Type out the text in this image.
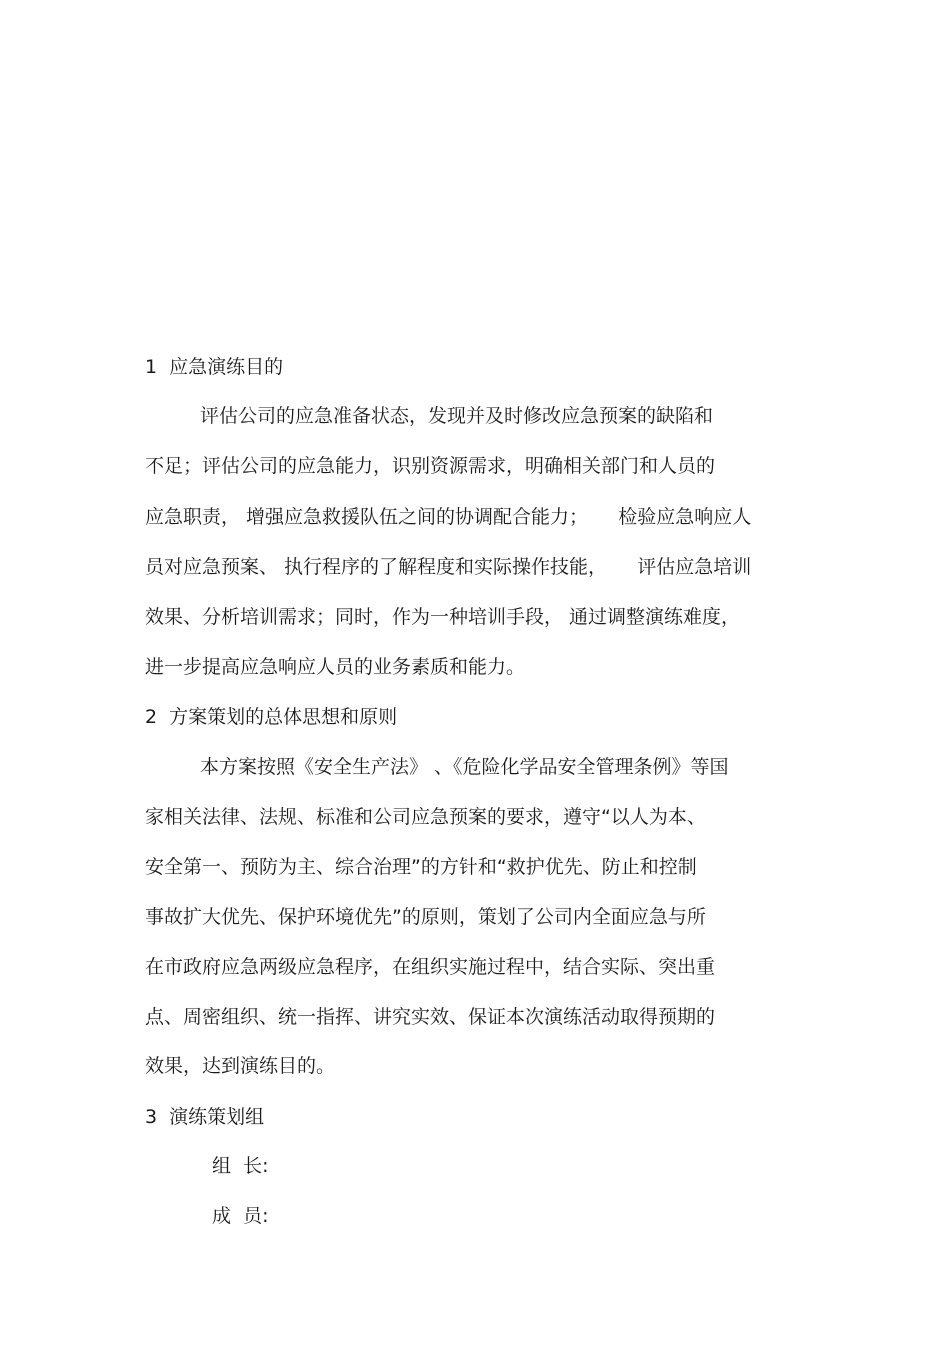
1  应急演练目的
评估公司的应急准备状态，发现并及时修改应急预案的缺陷和
不足；评估公司的应急能力，识别资源需求，明确相关部门和人员的
应急职责， 增强应急救援队伍之间的协调配合能力；     检验应急响应人
员对应急预案、 执行程序的了解程度和实际操作技能，     评估应急培训
效果、分析培训需求；同时，作为一种培训手段， 通过调整演练难度，
进一步提高应急响应人员的业务素质和能力。
2  方案策划的总体思想和原则
本方案按照《安全生产法》 、《危险化学品安全管理条例》等国
家相关法律、法规、标准和公司应急预案的要求，遵守“以人为本、
安全第一、预防为主、综合治理”的方针和“救护优先、防止和控制
事故扩大优先、保护环境优先”的原则，策划了公司内全面应急与所
在市政府应急两级应急程序，在组织实施过程中，结合实际、突出重
点、周密组织、统一指挥、讲究实效、保证本次演练活动取得预期的
效果，达到演练目的。
3  演练策划组
组  长:
成  员:
